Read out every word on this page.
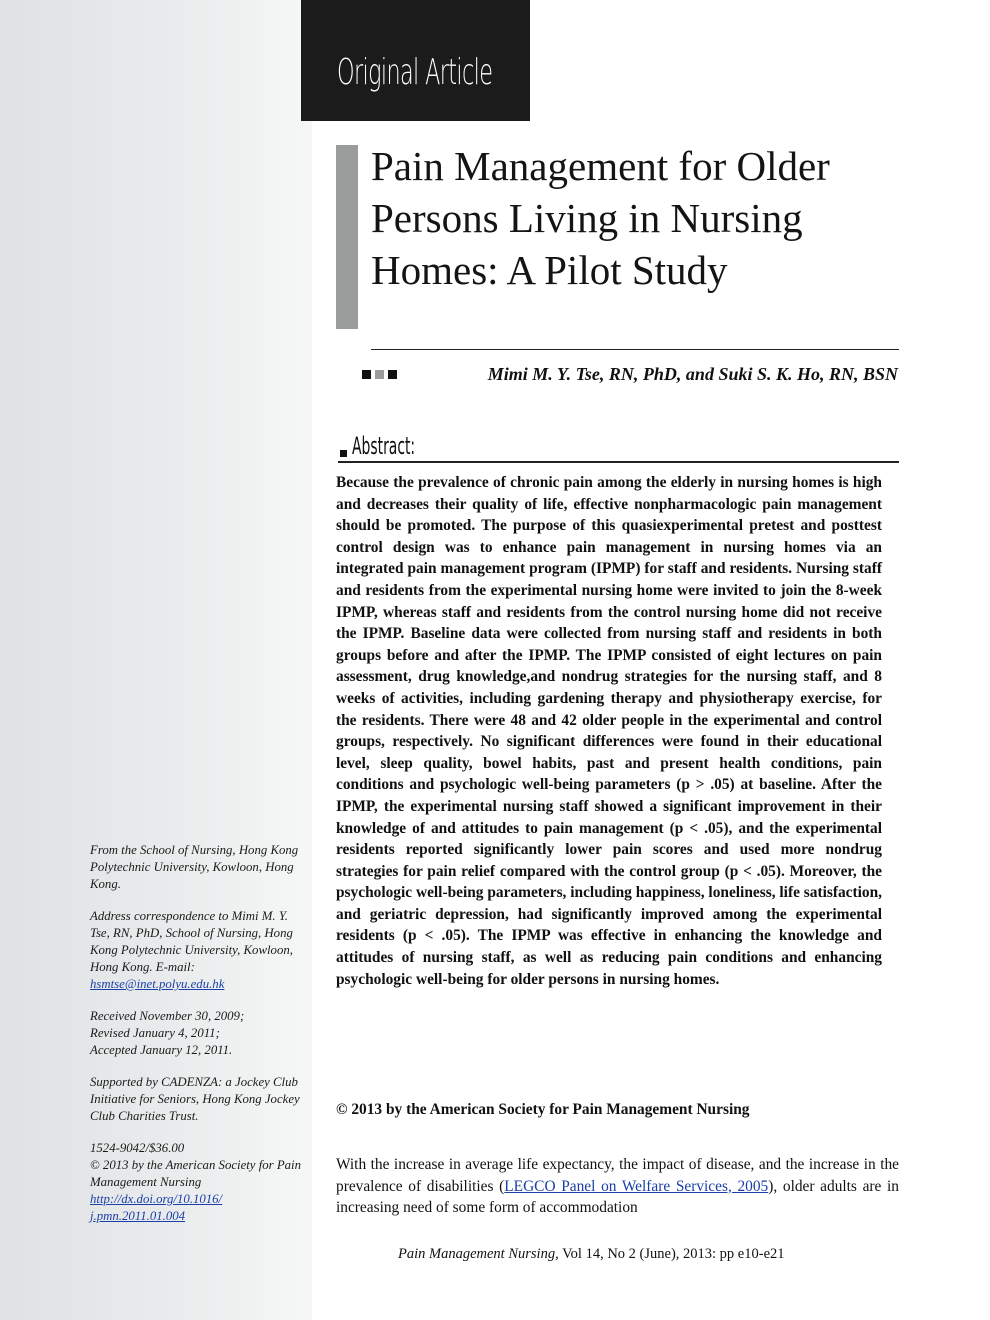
Original Article
Pain Management for Older Persons Living in Nursing Homes: A Pilot Study
Mimi M. Y. Tse, RN, PhD, and Suki S. K. Ho, RN, BSN
Abstract:

Because the prevalence of chronic pain among the elderly in nursing homes is high and decreases their quality of life, effective nonpharmacologic pain management should be promoted. The purpose of this quasiexperimental pretest and posttest control design was to enhance pain management in nursing homes via an integrated pain management program (IPMP) for staff and residents. Nursing staff and residents from the experimental nursing home were invited to join the 8-week IPMP, whereas staff and residents from the control nursing home did not receive the IPMP. Baseline data were collected from nursing staff and residents in both groups before and after the IPMP. The IPMP consisted of eight lectures on pain assessment, drug knowledge,and nondrug strategies for the nursing staff, and 8 weeks of activities, including gardening therapy and physiotherapy exercise, for the residents. There were 48 and 42 older people in the experimental and control groups, respectively. No significant differences were found in their educational level, sleep quality, bowel habits, past and present health conditions, pain conditions and psychologic well-being parameters (p > .05) at baseline. After the IPMP, the experimental nursing staff showed a significant improvement in their knowledge of and attitudes to pain management (p < .05), and the experimental residents reported significantly lower pain scores and used more nondrug strategies for pain relief compared with the control group (p < .05). Moreover, the psychologic well-being parameters, including happiness, loneliness, life satisfaction, and geriatric depression, had significantly improved among the experimental residents (p < .05). The IPMP was effective in enhancing the knowledge and attitudes of nursing staff, as well as reducing pain conditions and enhancing psychologic well-being for older persons in nursing homes.

© 2013 by the American Society for Pain Management Nursing

From the School of Nursing, Hong Kong Polytechnic University, Kowloon, Hong Kong.

Address correspondence to Mimi M. Y. Tse, RN, PhD, School of Nursing, Hong Kong Polytechnic University, Kowloon, Hong Kong. E-mail: hsmtse@inet.polyu.edu.hk

Received November 30, 2009;
Revised January 4, 2011;
Accepted January 12, 2011.

Supported by CADENZA: a Jockey Club Initiative for Seniors, Hong Kong Jockey Club Charities Trust.

1524-9042/$36.00
© 2013 by the American Society for Pain Management Nursing
http://dx.doi.org/10.1016/
j.pmn.2011.01.004

With the increase in average life expectancy, the impact of disease, and the increase in the prevalence of disabilities (LEGCO Panel on Welfare Services, 2005), older adults are in increasing need of some form of accommodation

Pain Management Nursing, Vol 14, No 2 (June), 2013: pp e10-e21
